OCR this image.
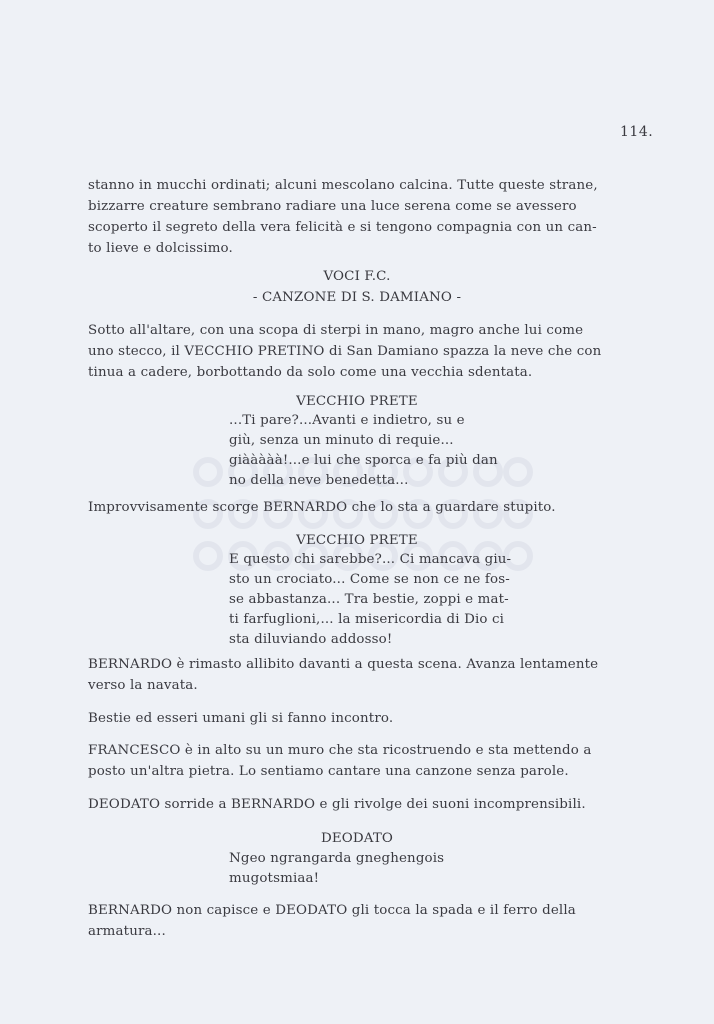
114.
stanno in mucchi ordinati; alcuni mescolano calcina. Tutte queste strane,
bizzarre creature sembrano radiare una luce serena come se avessero
scoperto il segreto della vera felicità e si tengono compagnia con un can-
to lieve e dolcissimo.
VOCI F.C.
- CANZONE DI S. DAMIANO -
Sotto all'altare, con una scopa di sterpi in mano, magro anche lui come
uno stecco, il VECCHIO PRETINO di San Damiano spazza la neve che con
tinua a cadere, borbottando da solo come una vecchia sdentata.
VECCHIO PRETE
...Ti pare?...Avanti e indietro, su e
giù, senza un minuto di requie...
giààààà!...e lui che sporca e fa più dan
no della neve benedetta...
Improvvisamente scorge BERNARDO che lo sta a guardare stupito.
VECCHIO PRETE
E questo chi sarebbe?... Ci mancava giu-
sto un crociato... Come se non ce ne fos-
se abbastanza... Tra bestie, zoppi e mat-
ti farfuglioni,... la misericordia di Dio ci
sta diluviando addosso!
BERNARDO è rimasto allibito davanti a questa scena. Avanza lentamente
verso la navata.
Bestie ed esseri umani gli si fanno incontro.
FRANCESCO è in alto su un muro che sta ricostruendo e sta mettendo a
posto un'altra pietra. Lo sentiamo cantare una canzone senza parole.
DEODATO sorride a BERNARDO e gli rivolge dei suoni incomprensibili.
DEODATO
Ngeo ngrangarda gneghengois
mugotsmiaa!
BERNARDO non capisce e DEODATO gli tocca la spada e il ferro della
armatura...
